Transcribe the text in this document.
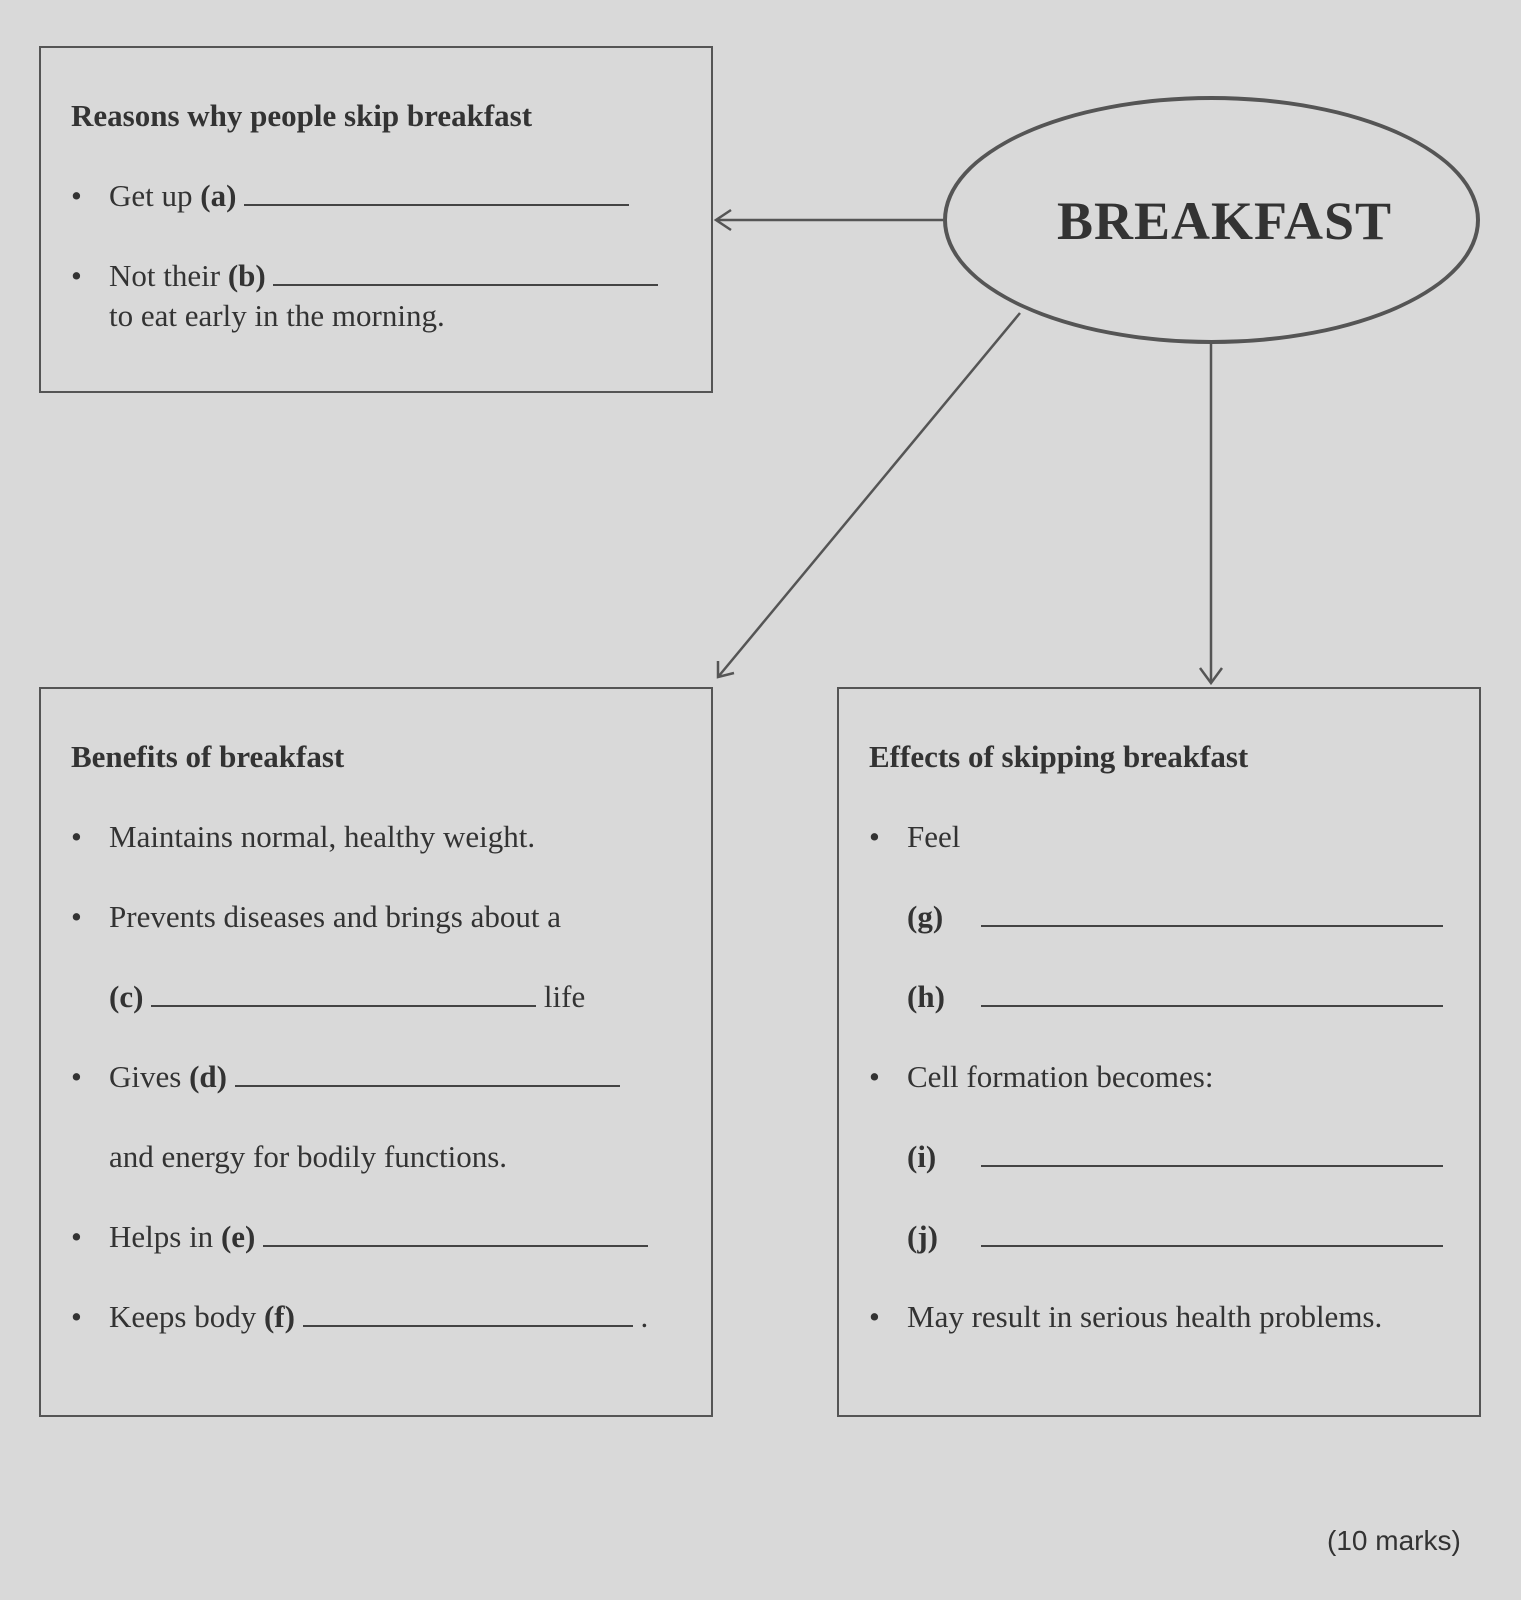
BREAKFAST
Reasons why people skip breakfast
• Get up (a)
• Not their (b)
to eat early in the morning.
Benefits of breakfast
• Maintains normal, healthy weight.
• Prevents diseases and brings about a
(c)	life
• Gives (d)
and energy for bodily functions.
• Helps in (e)
• Keeps body (f)	.
Effects of skipping breakfast
• Feel
(g)
(h)
• Cell formation becomes:
(i)
(j)
• May result in serious health problems.
(10 marks)
